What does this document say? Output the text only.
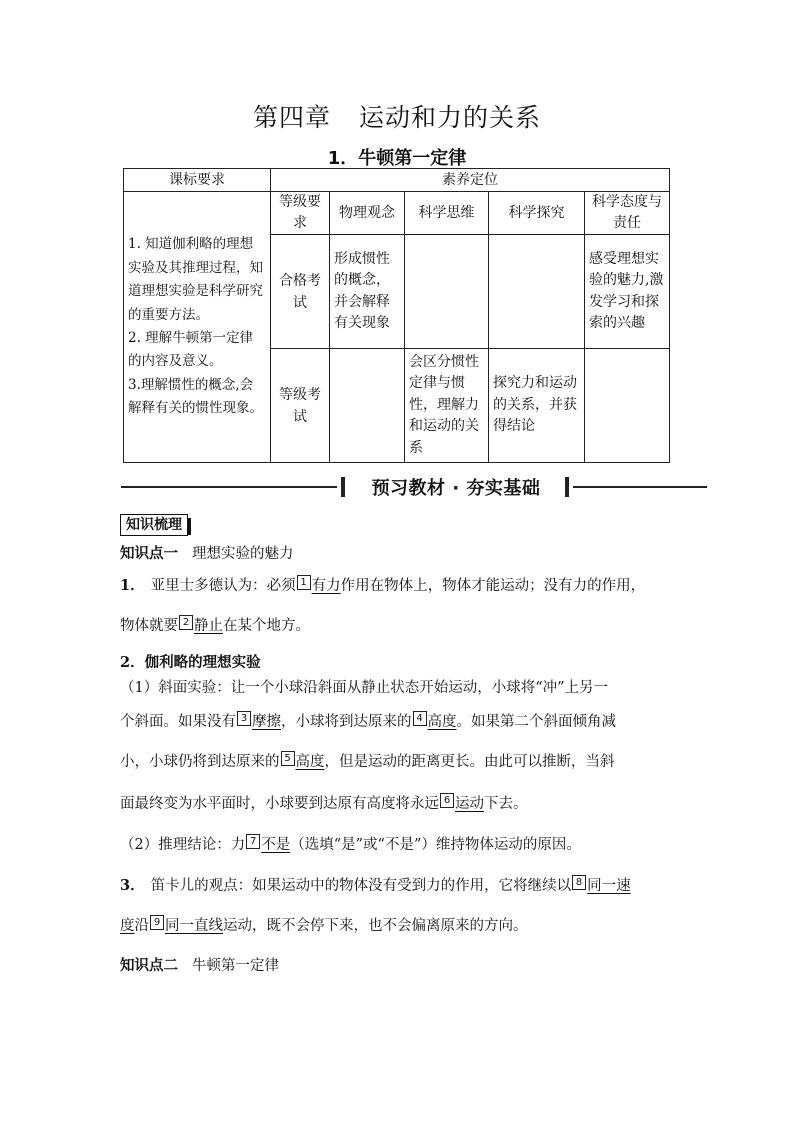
第四章 运动和力的关系
1．牛顿第一定律
课标要求	素养定位				
1. 知道伽利略的理想实验及其推理过程，知道理想实验是科学研究的重要方法。
2. 理解牛顿第一定律的内容及意义。
3.理解惯性的概念,会解释有关的惯性现象。	等级要求	物理观念	科学思维	科学探究	科学态度与责任
	合格考试	形成惯性的概念，并会解释有关现象			感受理想实验的魅力,激发学习和探索的兴趣
	等级考试		会区分惯性定律与惯性，理解力和运动的关系	探究力和运动的关系，并获得结论	
预习教材 · 夯实基础
知识梳理
知识点一 理想实验的魅力
1． 亚里士多德认为：必须 1 有力作用在物体上，物体才能运动；没有力的作用，
物体就要 2 静止在某个地方。
2．伽利略的理想实验
（1）斜面实验：让一个小球沿斜面从静止状态开始运动，小球将“冲”上另一
个斜面。如果没有 3 摩擦，小球将到达原来的 4 高度。如果第二个斜面倾角减
小，小球仍将到达原来的 5 高度，但是运动的距离更长。由此可以推断，当斜
面最终变为水平面时，小球要到达原有高度将永远 6 运动下去。
（2）推理结论：力 7 不是（选填“是”或“不是”）维持物体运动的原因。
3． 笛卡儿的观点：如果运动中的物体没有受到力的作用，它将继续以 8 同一速
度沿 9 同一直线运动，既不会停下来，也不会偏离原来的方向。
知识点二 牛顿第一定律
